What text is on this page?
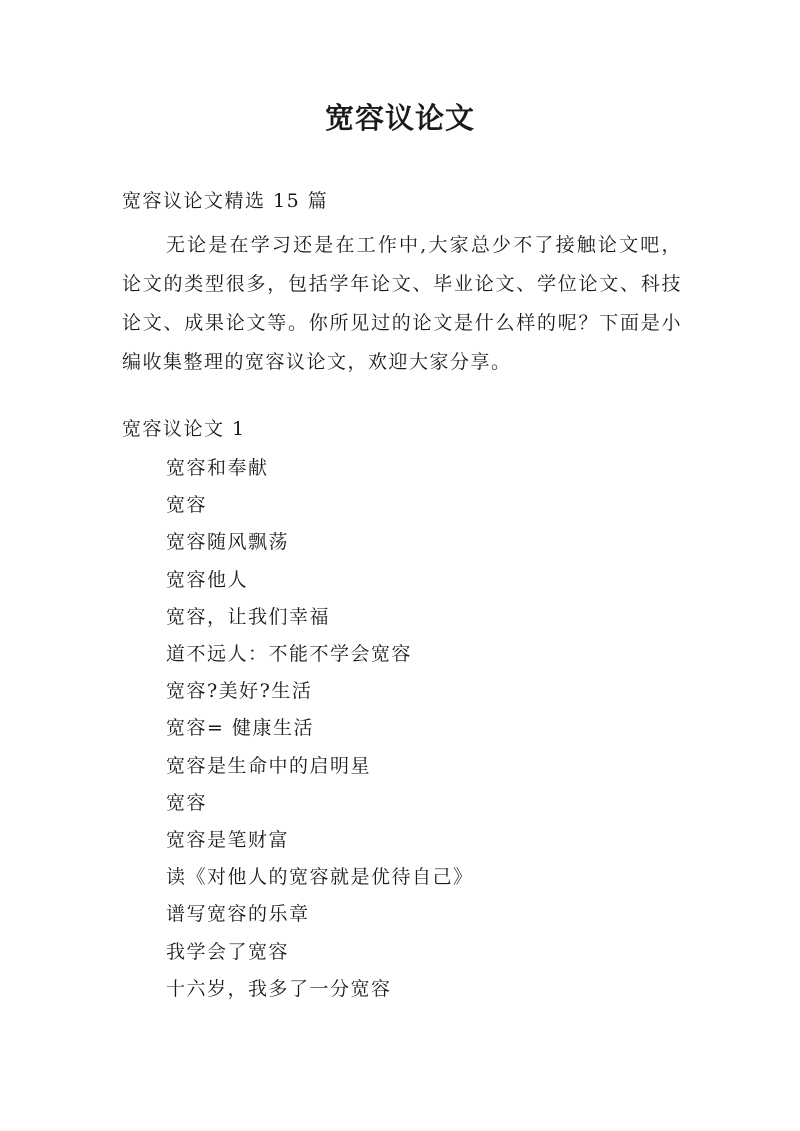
宽容议论文
宽容议论文精选 15 篇

无论是在学习还是在工作中,大家总少不了接触论文吧，论文的类型很多，包括学年论文、毕业论文、学位论文、科技论文、成果论文等。你所见过的论文是什么样的呢？下面是小编收集整理的宽容议论文，欢迎大家分享。

宽容议论文 1
宽容和奉献
宽容
宽容随风飘荡
宽容他人
宽容，让我们幸福
道不远人：不能不学会宽容
宽容?美好?生活
宽容= 健康生活
宽容是生命中的启明星
宽容
宽容是笔财富
读《对他人的宽容就是优待自己》
谱写宽容的乐章
我学会了宽容
十六岁，我多了一分宽容
